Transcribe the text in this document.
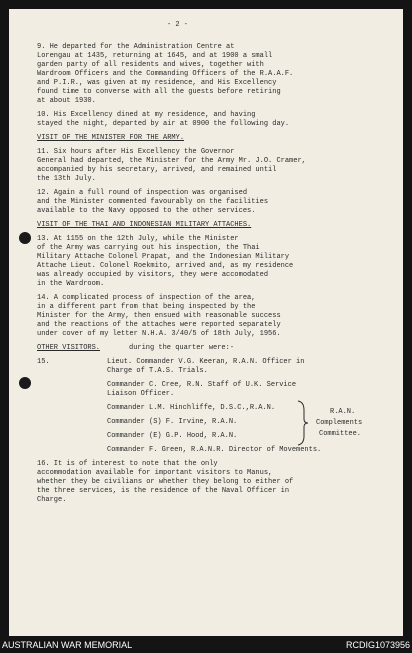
- 2 -
9. He departed for the Administration Centre at
Lorengau at 1435, returning at 1645, and at 1900 a small
garden party of all residents and wives, together with
Wardroom Officers and the Commanding Officers of the R.A.A.F.
and P.I.R., was given at my residence, and His Excellency
found time to converse with all the guests before retiring
at about 1930.
10. His Excellency dined at my residence, and having
stayed the night, departed by air at 0900 the following day.
VISIT OF THE MINISTER FOR THE ARMY.
11. Six hours after His Excellency the Governor
General had departed, the Minister for the Army Mr. J.O. Cramer,
accompanied by his secretary, arrived, and remained until
the 13th July.
12. Again a full round of inspection was organised
and the Minister commented favourably on the facilities
available to the Navy opposed to the other services.
VISIT OF THE THAI AND INDONESIAN MILITARY ATTACHES.
13. At 1155 on the 12th July, while the Minister
of the Army was carrying out his inspection, the Thai
Military Attache Colonel Prapat, and the Indonesian Military
Attache Lieut. Colonel Roekmito, arrived and, as my residence
was already occupied by visitors, they were accomodated
in the Wardroom.
14. A complicated process of inspection of the area,
in a different part from that being inspected by the
Minister for the Army, then ensued with reasonable success
and the reactions of the attaches were reported separately
under cover of my letter N.H.A. 3/40/5 of 18th July, 1956.
OTHER VISITORS.	during the quarter were:-
15.	Lieut. Commander V.G. Keeran, R.A.N. Officer in
Charge of T.A.S. Trials.
Commander C. Cree, R.N. Staff of U.K. Service
Liaison Officer.
Commander L.M. Hinchliffe, D.S.C.,R.A.N.
Commander (S) F. Irvine, R.A.N.
Commander (E) G.P. Hood, R.A.N.
R.A.N.
Complements
Committee.
Commander F. Green, R.A.N.R. Director of Movements.
16. It is of interest to note that the only
accommodation available for important visitors to Manus,
whether they be civilians or whether they belong to either of
the three services, is the residence of the Naval Officer in
Charge.
AUSTRALIAN WAR MEMORIAL	RCDIG1073956
